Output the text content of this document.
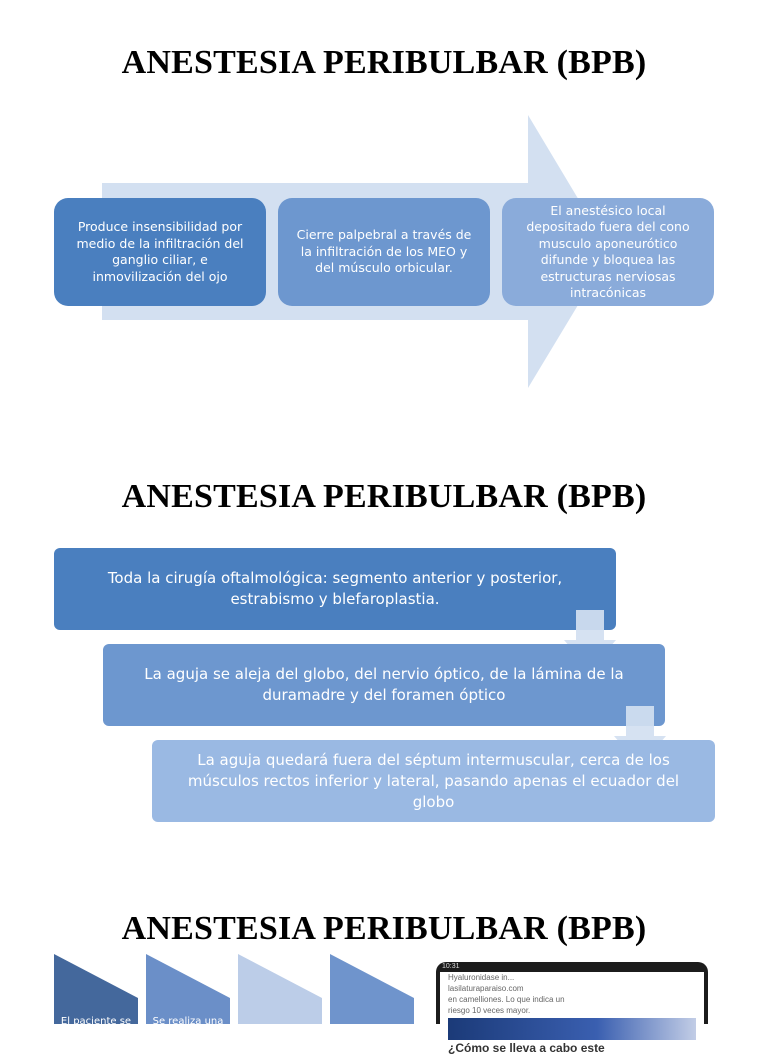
ANESTESIA PERIBULBAR (BPB)
Produce insensibilidad por medio de la infiltración del ganglio ciliar, e inmovilización del ojo
Cierre palpebral a través de la infiltración de los MEO y del músculo orbicular.
El anestésico local depositado fuera del cono musculo aponeurótico difunde y bloquea las estructuras nerviosas intracónicas
ANESTESIA PERIBULBAR (BPB)
Toda la cirugía oftalmológica: segmento anterior y posterior, estrabismo y blefaroplastia.
La aguja se aleja del globo, del nervio óptico, de la lámina de la duramadre y del foramen óptico
La aguja quedará fuera del séptum intermuscular, cerca de los músculos rectos inferior y lateral, pasando apenas el ecuador del globo
ANESTESIA PERIBULBAR (BPB)
El paciente se	Se realiza una
10:31
Hyaluronidase in...
lasilaturaparaiso.com
en camelliones. Lo que indica un
riesgo 10 veces mayor.
¿Cómo se lleva a cabo este
